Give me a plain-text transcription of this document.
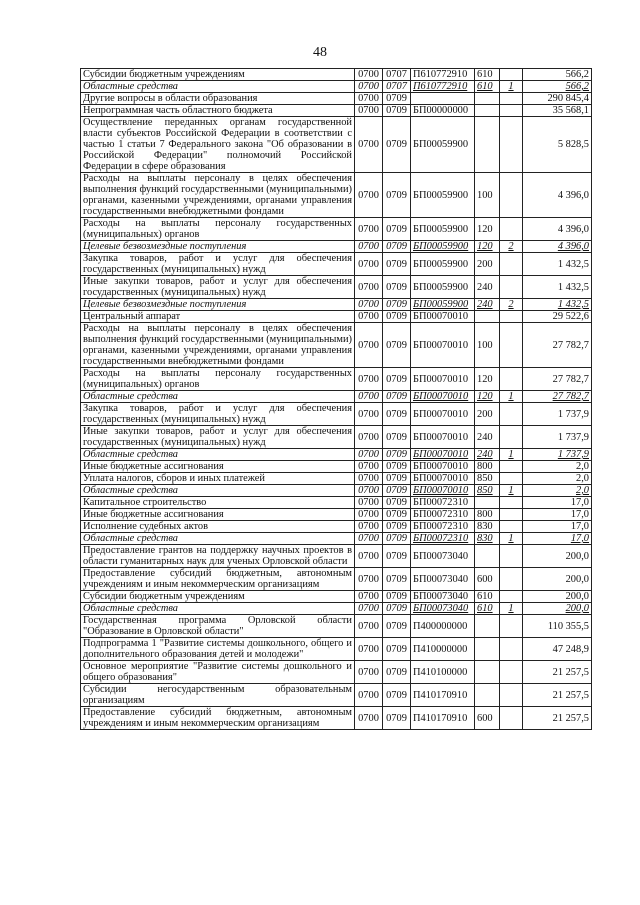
48
Субсидии бюджетным учреждениям	0700	0707	П610772910	610		566,2
Областные средства	0700	0707	П610772910	610	1	566,2
Другие вопросы в области образования	0700	0709				290 845,4
Непрограммная часть областного бюджета	0700	0709	БП00000000			35 568,1
Осуществление переданных органам государственной власти субъектов Российской Федерации в соответствии с частью 1 статьи 7 Федерального закона "Об образовании в Российской Федерации" полномочий Российской Федерации в сфере образования	0700	0709	БП00059900			5 828,5
Расходы на выплаты персоналу в целях обеспечения выполнения функций государственными (муниципальными) органами, казенными учреждениями, органами управления государственными внебюджетными фондами	0700	0709	БП00059900	100		4 396,0
Расходы на выплаты персоналу государственных (муниципальных) органов	0700	0709	БП00059900	120		4 396,0
Целевые безвозмездные поступления	0700	0709	БП00059900	120	2	4 396,0
Закупка товаров, работ и услуг для обеспечения государственных (муниципальных) нужд	0700	0709	БП00059900	200		1 432,5
Иные закупки товаров, работ и услуг для обеспечения государственных (муниципальных) нужд	0700	0709	БП00059900	240		1 432,5
Целевые безвозмездные поступления	0700	0709	БП00059900	240	2	1 432,5
Центральный аппарат	0700	0709	БП00070010			29 522,6
Расходы на выплаты персоналу в целях обеспечения выполнения функций государственными (муниципальными) органами, казенными учреждениями, органами управления государственными внебюджетными фондами	0700	0709	БП00070010	100		27 782,7
Расходы на выплаты персоналу государственных (муниципальных) органов	0700	0709	БП00070010	120		27 782,7
Областные средства	0700	0709	БП00070010	120	1	27 782,7
Закупка товаров, работ и услуг для обеспечения государственных (муниципальных) нужд	0700	0709	БП00070010	200		1 737,9
Иные закупки товаров, работ и услуг для обеспечения государственных (муниципальных) нужд	0700	0709	БП00070010	240		1 737,9
Областные средства	0700	0709	БП00070010	240	1	1 737,9
Иные бюджетные ассигнования	0700	0709	БП00070010	800		2,0
Уплата налогов, сборов и иных платежей	0700	0709	БП00070010	850		2,0
Областные средства	0700	0709	БП00070010	850	1	2,0
Капитальное строительство	0700	0709	БП00072310			17,0
Иные бюджетные ассигнования	0700	0709	БП00072310	800		17,0
Исполнение судебных актов	0700	0709	БП00072310	830		17,0
Областные средства	0700	0709	БП00072310	830	1	17,0
Предоставление грантов на поддержку научных проектов в области гуманитарных наук для ученых Орловской области	0700	0709	БП00073040			200,0
Предоставление субсидий бюджетным, автономным учреждениям и иным некоммерческим организациям	0700	0709	БП00073040	600		200,0
Субсидии бюджетным учреждениям	0700	0709	БП00073040	610		200,0
Областные средства	0700	0709	БП00073040	610	1	200,0
Государственная программа Орловской области "Образование в Орловской области"	0700	0709	П400000000			110 355,5
Подпрограмма 1 "Развитие системы дошкольного, общего и дополнительного образования детей и молодежи"	0700	0709	П410000000			47 248,9
Основное мероприятие "Развитие системы дошкольного и общего образования"	0700	0709	П410100000			21 257,5
Субсидии негосударственным образовательным организациям	0700	0709	П410170910			21 257,5
Предоставление субсидий бюджетным, автономным учреждениям и иным некоммерческим организациям	0700	0709	П410170910	600		21 257,5
